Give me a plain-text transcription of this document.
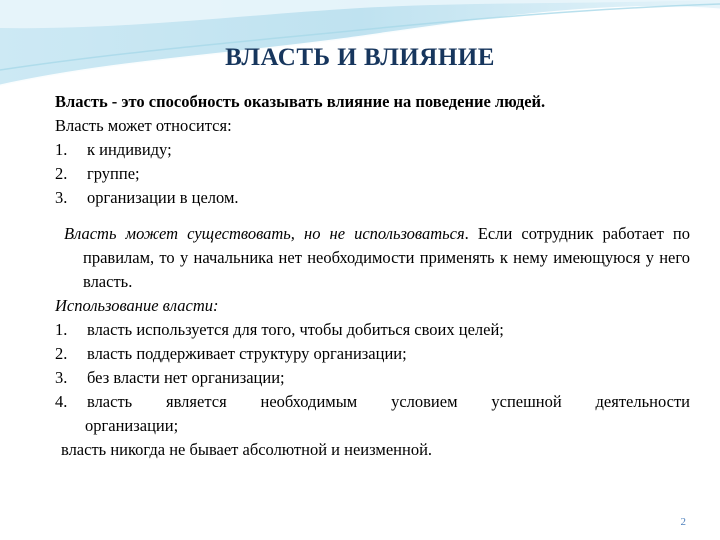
ВЛАСТЬ И ВЛИЯНИЕ
Власть - это способность оказывать влияние на поведение людей.
Власть может относится:
1.	к индивиду;
2.	группе;
3.	организации в целом.
Власть может существовать, но не использоваться. Если сотрудник работает по правилам, то у начальника нет необходимости применять к нему имеющуюся у него власть.
Использование власти:
1.	власть используется для того, чтобы добиться своих целей;
2.	власть поддерживает структуру организации;
3.	без власти нет организации;
4.	власть является необходимым условием успешной деятельности
организации;
власть никогда не бывает абсолютной и неизменной.
2
